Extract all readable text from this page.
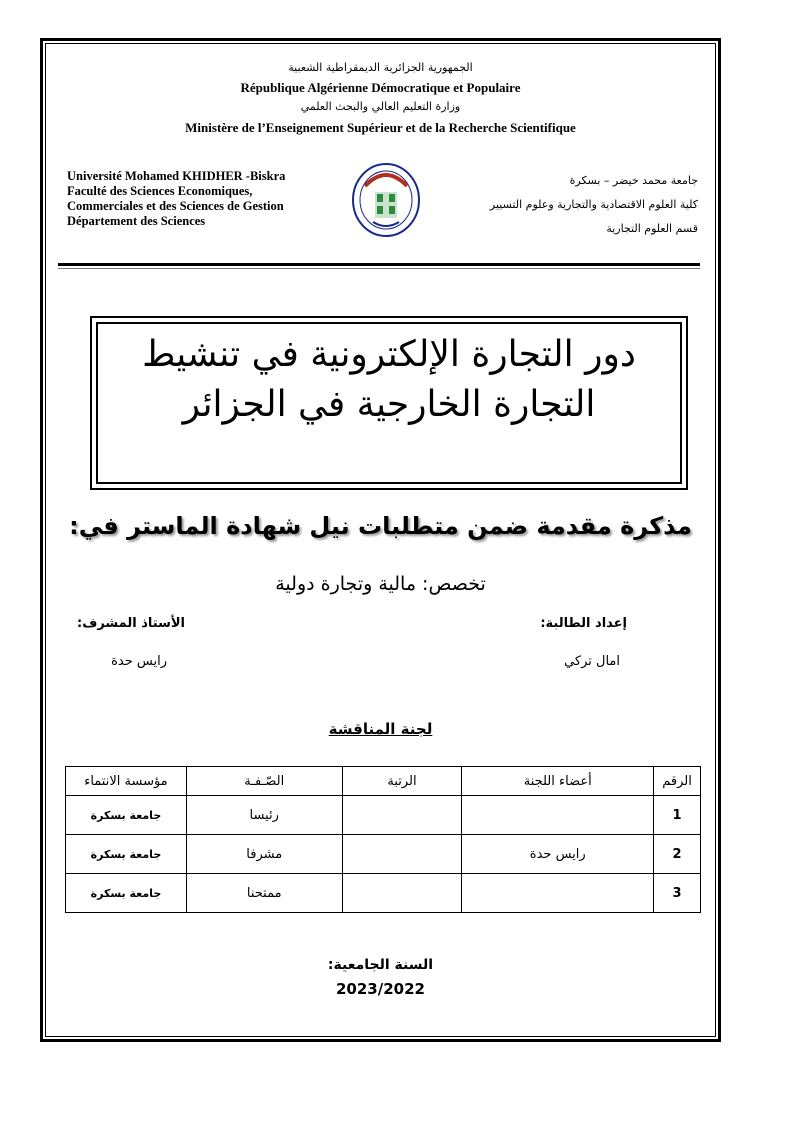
الجمهورية الجزائرية الديمقراطية الشعبية
République Algérienne Démocratique et Populaire
وزارة التعليم العالي والبحث العلمي
Ministère de l’Enseignement Supérieur et de la Recherche Scientifique
Université Mohamed KHIDHER -Biskra
Faculté des Sciences Economiques,
Commerciales et des Sciences de Gestion
Département des Sciences
جامعة محمد خيضر – بسكرة
كلية العلوم الاقتصادية والتجارية وعلوم التسيير
قسم العلوم التجارية
دور التجارة الإلكترونية في تنشيط
التجارة الخارجية في الجزائر
مذكرة مقدمة ضمن متطلبات نيل شهادة الماستر في:
تخصص: مالية وتجارة دولية
إعداد الطالبة:
امال تركي
الأستاذ المشرف:
رايس حدة
لجنة المناقشة
الرقم	أعضاء اللجنة	الرتبة	الصّـفـة	مؤسسة الانتماء
1			رئيسا	جامعة بسكرة
2	رايس حدة		مشرفا	جامعة بسكرة
3			ممتحنا	جامعة بسكرة
السنة الجامعية:
2023/2022
